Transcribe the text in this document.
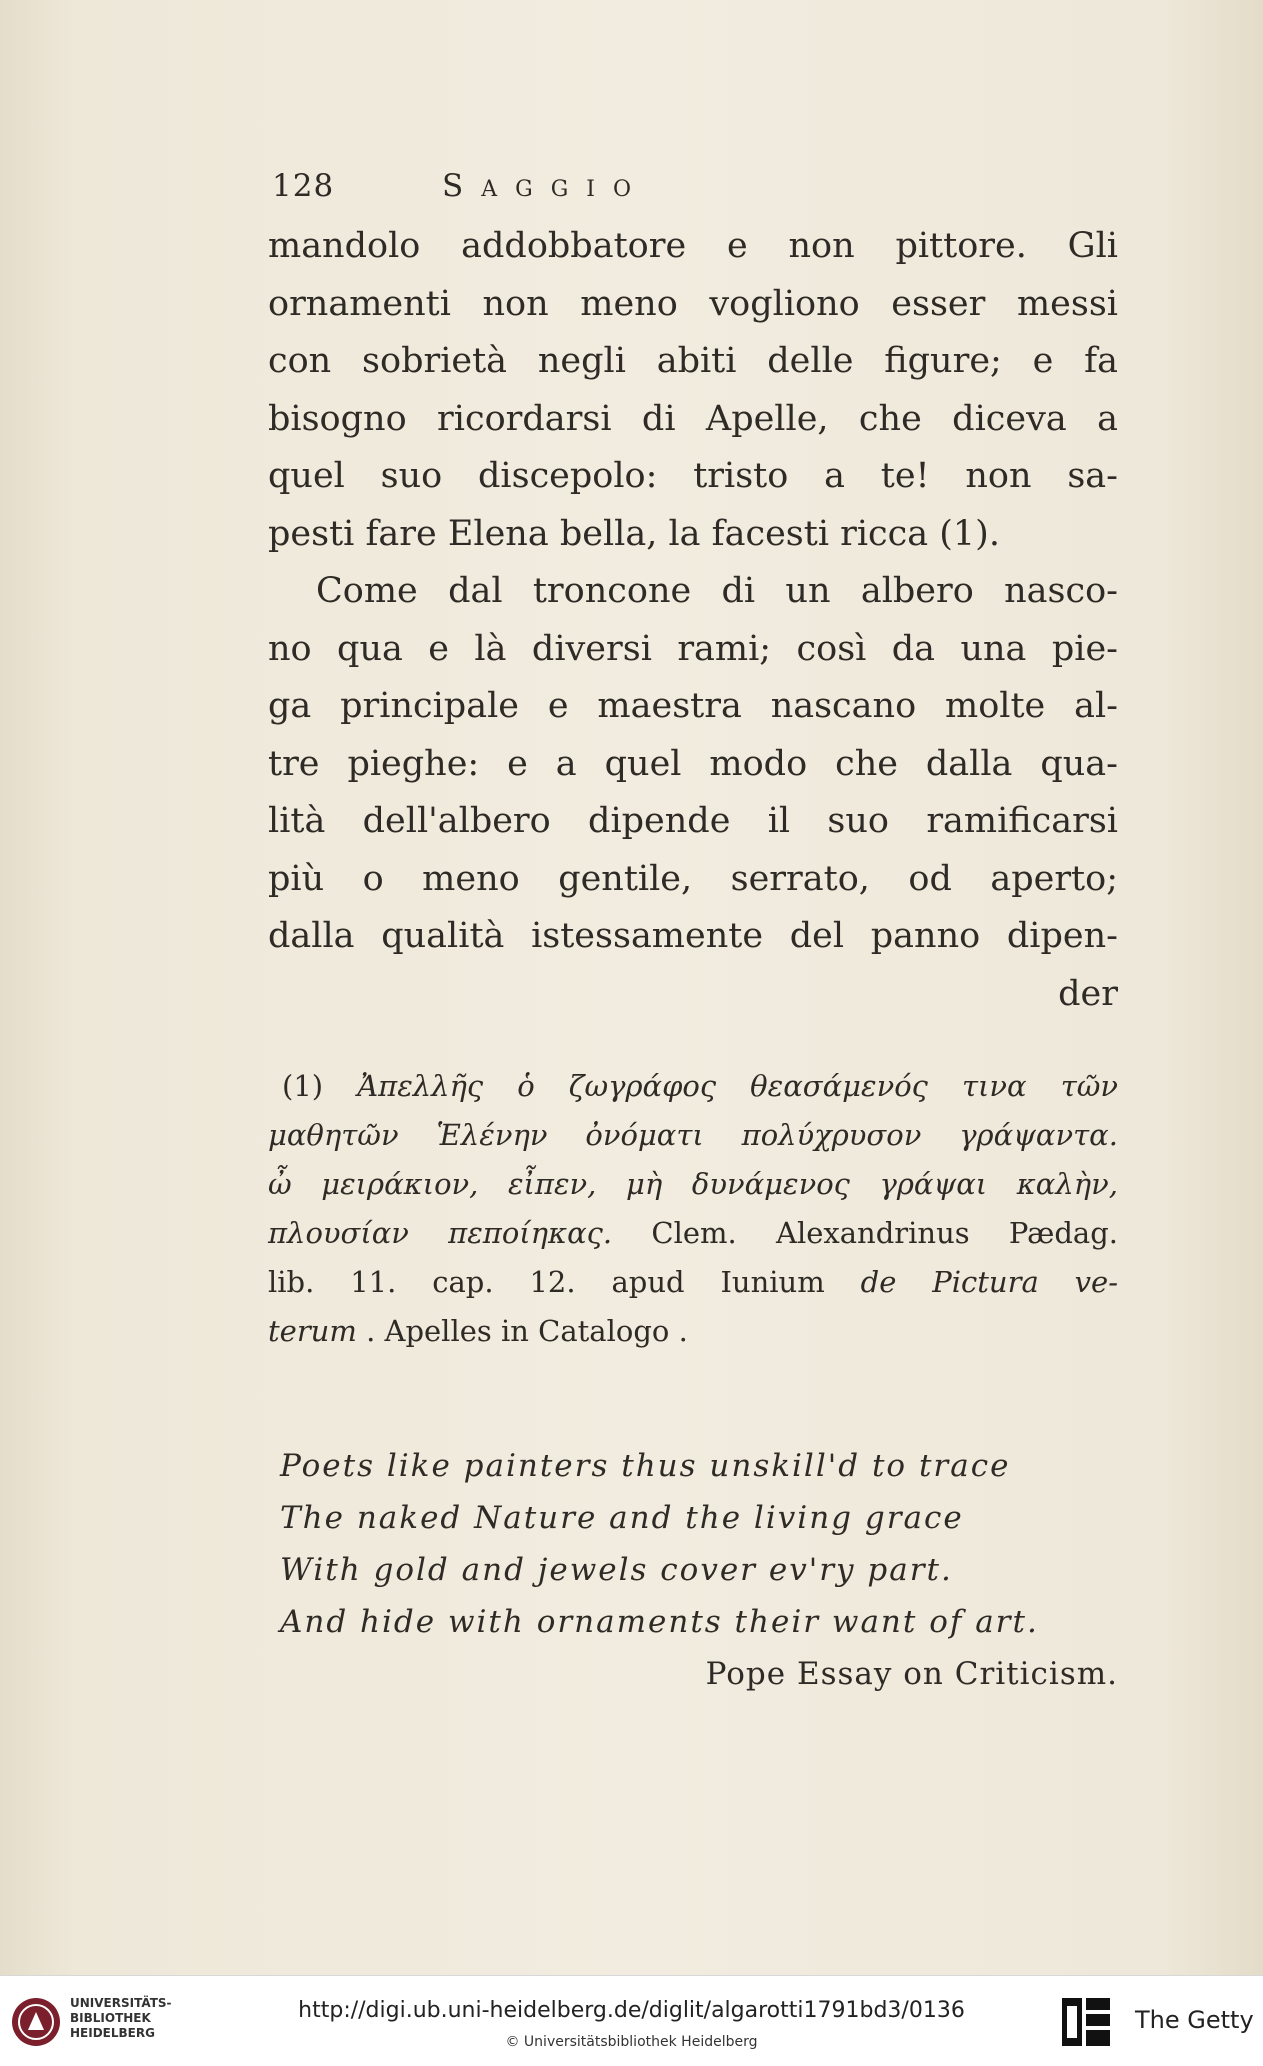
128	Saggio
mandolo addobbatore e non pittore. Gli
ornamenti non meno vogliono esser messi
con sobrietà negli abiti delle figure; e fa
bisogno ricordarsi di Apelle, che diceva a
quel suo discepolo: tristo a te! non sa-
pesti fare Elena bella, la facesti ricca (1).
Come dal troncone di un albero nasco-
no qua e là diversi rami; così da una pie-
ga principale e maestra nascano molte al-
tre pieghe: e a quel modo che dalla qua-
lità dell'albero dipende il suo ramificarsi
più o meno gentile, serrato, od aperto;
dalla qualità istessamente del panno dipen-
der
(1) Ἀπελλῆς ὁ ζωγράφος θεασάμενός τινα τῶν
μαθητῶν Ἑλένην ὀνόματι πολύχρυσον γράψαντα.
ὦ μειράκιον, εἶπεν, μὴ δυνάμενος γράψαι καλὴν,
πλουσίαν πεποίηκας. Clem. Alexandrinus Pædag.
lib. 11. cap. 12. apud Iunium de Pictura ve-
terum . Apelles in Catalogo .
Poets like painters thus unskill'd to trace
The naked Nature and the living grace
With gold and jewels cover ev'ry part.
And hide with ornaments their want of art.
Pope Essay on Criticism.
UNIVERSITÄTS-
BIBLIOTHEK
HEIDELBERG
http://digi.ub.uni-heidelberg.de/diglit/algarotti1791bd3/0136
© Universitätsbibliothek Heidelberg
The Getty
